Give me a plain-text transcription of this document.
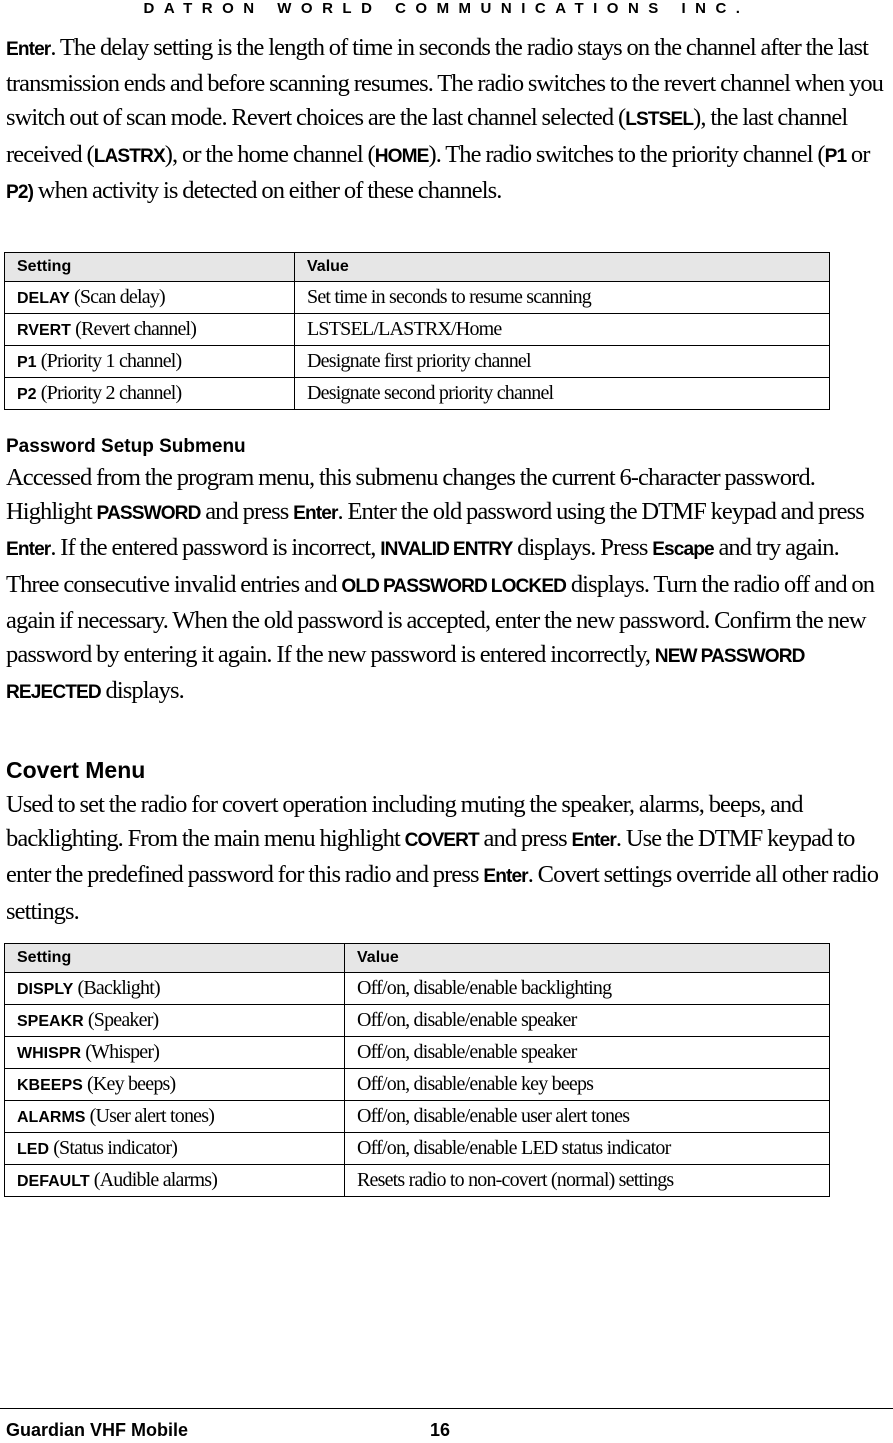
DATRON WORLD COMMUNICATIONS INC.
Enter. The delay setting is the length of time in seconds the radio stays on the channel after the last transmission ends and before scanning resumes. The radio switches to the revert channel when you switch out of scan mode. Revert choices are the last channel selected (LSTSEL), the last channel received (LASTRX), or the home channel (HOME). The radio switches to the priority channel (P1 or P2) when activity is detected on either of these channels.
Setting	Value
DELAY (Scan delay)	Set time in seconds to resume scanning
RVERT (Revert channel)	LSTSEL/LASTRX/Home
P1 (Priority 1 channel)	Designate first priority channel
P2 (Priority 2 channel)	Designate second priority channel
Password Setup Submenu
Accessed from the program menu, this submenu changes the current 6-character password. Highlight PASSWORD and press Enter. Enter the old password using the DTMF keypad and press Enter. If the entered password is incorrect, INVALID ENTRY displays. Press Escape and try again. Three consecutive invalid entries and OLD PASSWORD LOCKED displays. Turn the radio off and on again if necessary. When the old password is accepted, enter the new password. Confirm the new password by entering it again. If the new password is entered incorrectly, NEW PASSWORD REJECTED displays.
Covert Menu
Used to set the radio for covert operation including muting the speaker, alarms, beeps, and backlighting. From the main menu highlight COVERT and press Enter. Use the DTMF keypad to enter the predefined password for this radio and press Enter. Covert settings override all other radio settings.
Setting	Value
DISPLY (Backlight)	Off/on, disable/enable backlighting
SPEAKR (Speaker)	Off/on, disable/enable speaker
WHISPR (Whisper)	Off/on, disable/enable speaker
KBEEPS (Key beeps)	Off/on, disable/enable key beeps
ALARMS (User alert tones)	Off/on, disable/enable user alert tones
LED (Status indicator)	Off/on, disable/enable LED status indicator
DEFAULT (Audible alarms)	Resets radio to non-covert (normal) settings
Guardian VHF Mobile	16
